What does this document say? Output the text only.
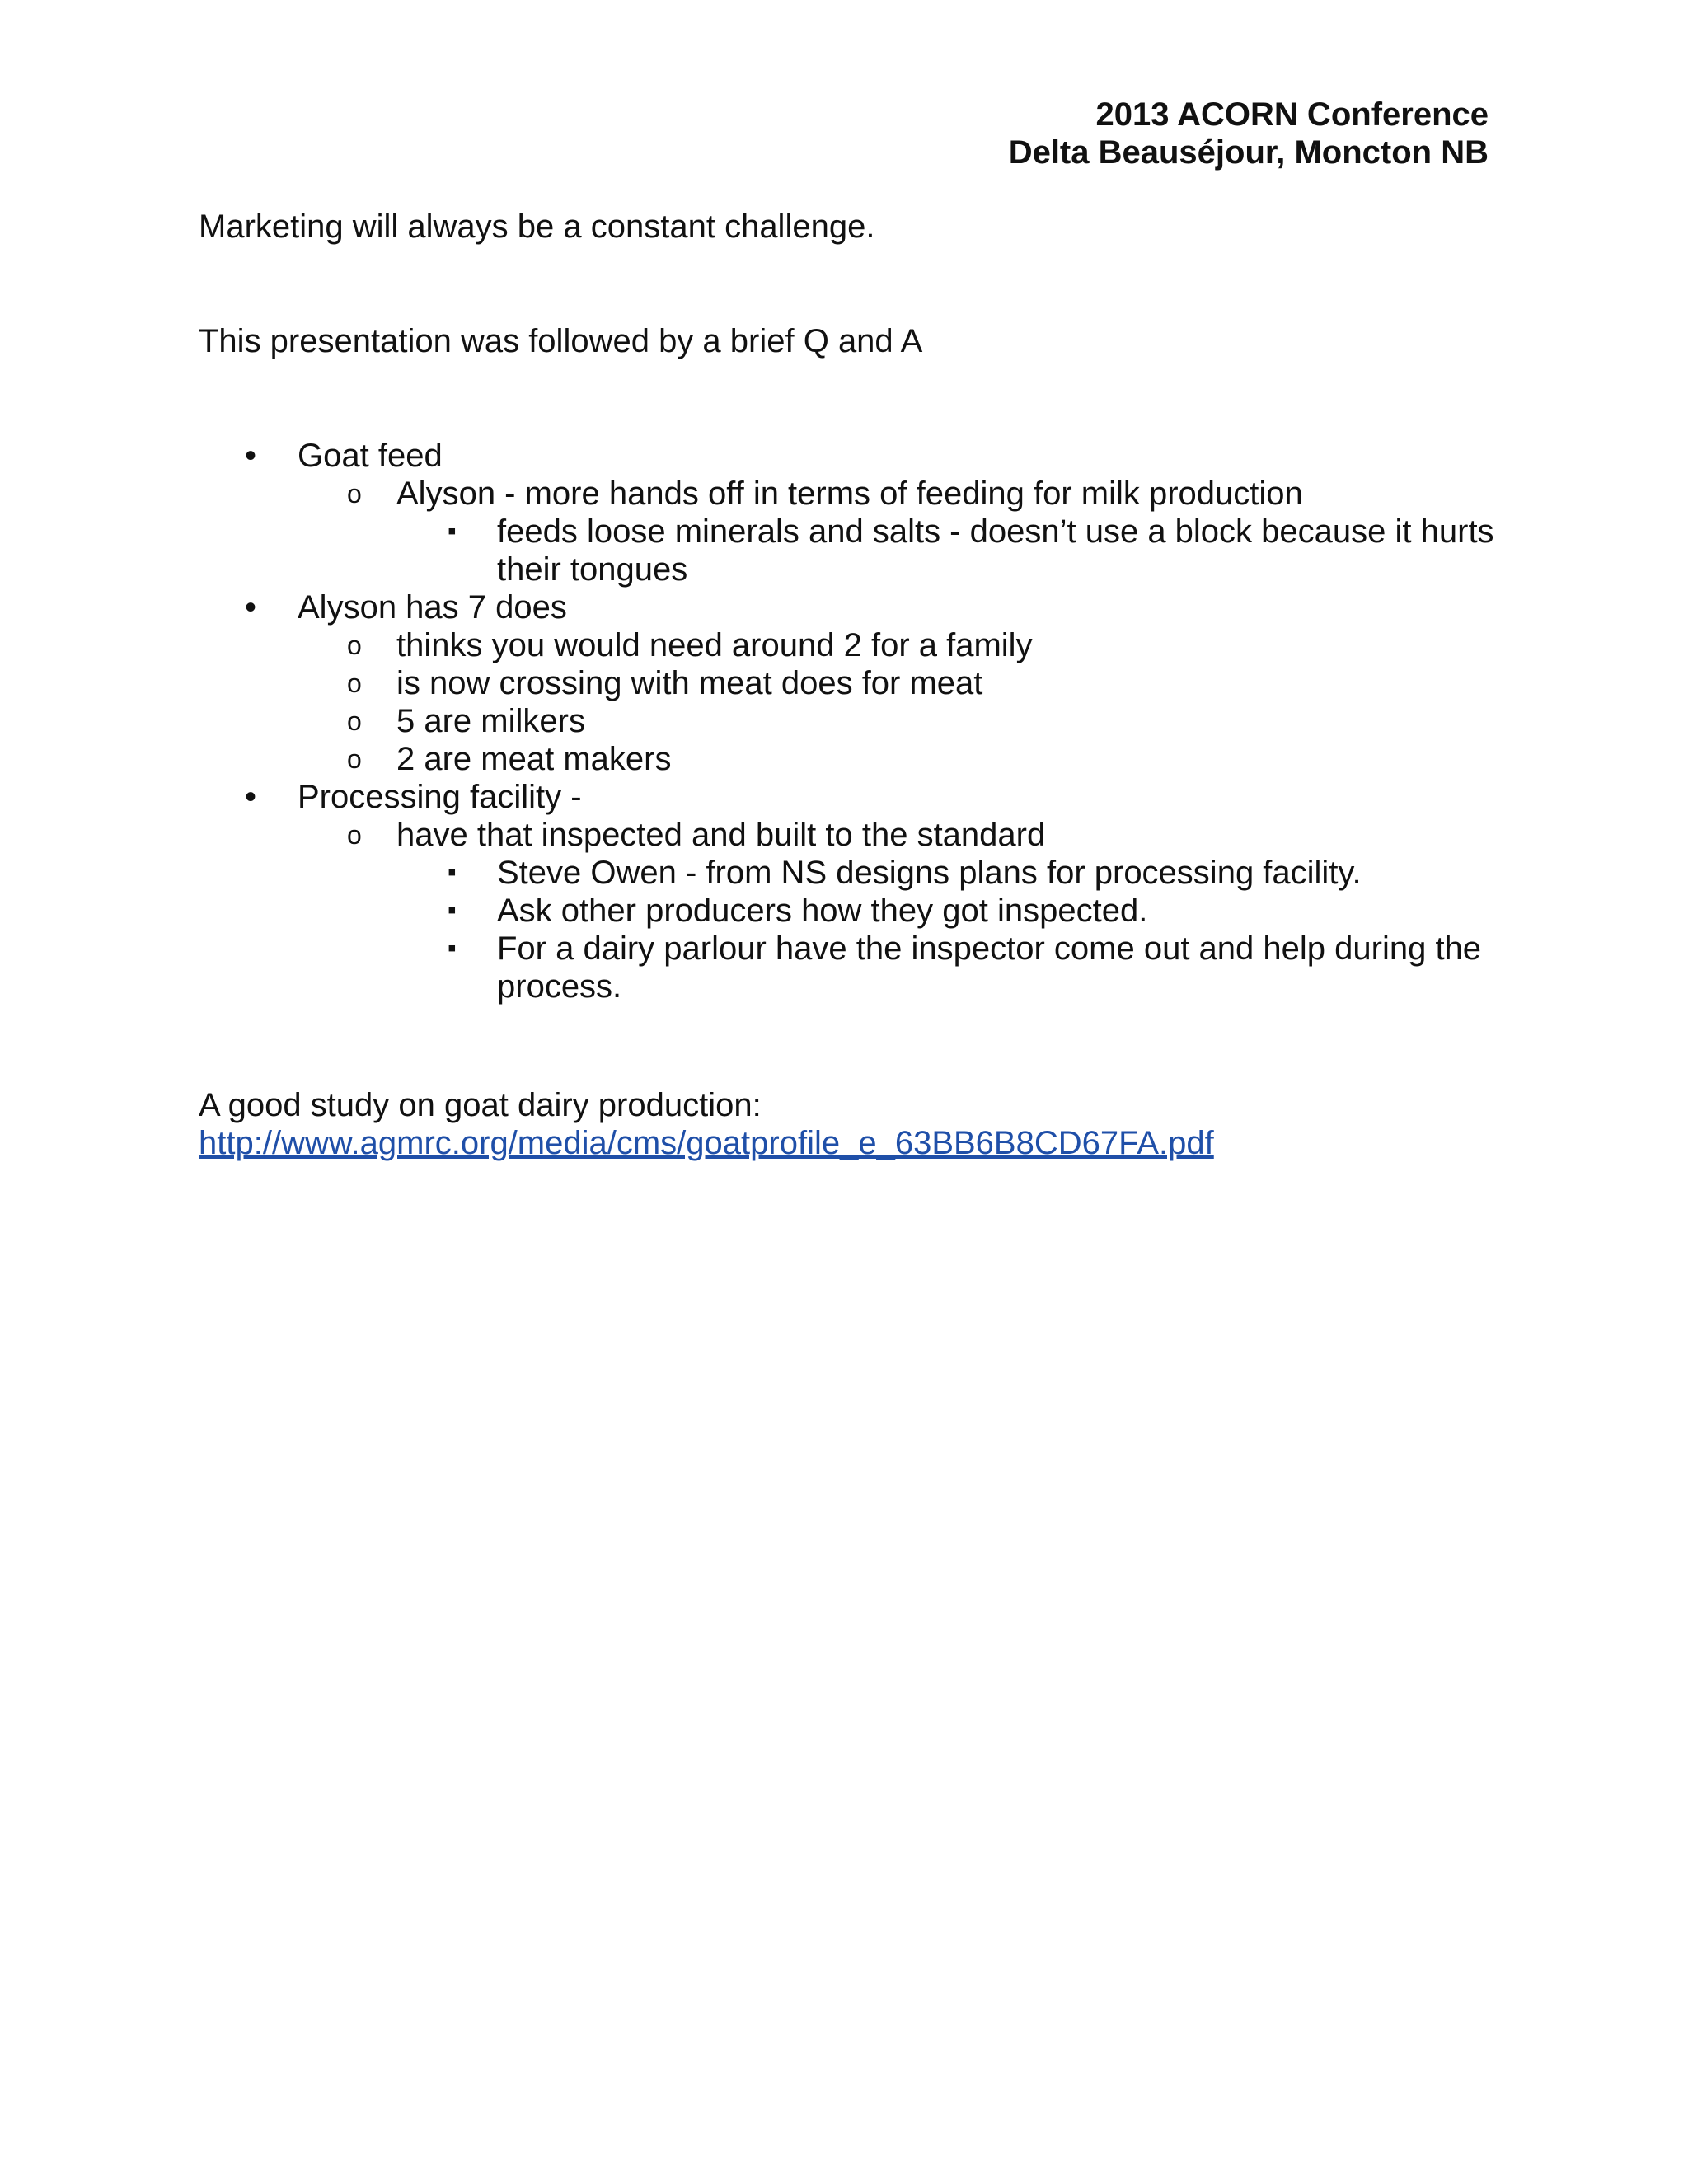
2013 ACORN Conference
Delta Beauséjour, Moncton NB
Marketing will always be a constant challenge.
This presentation was followed by a brief Q and A
• Goat feed
o Alyson - more hands off in terms of feeding for milk production
▪ feeds loose minerals and salts - doesn’t use a block because it hurts their tongues
• Alyson has 7 does
o thinks you would need around 2 for a family
o is now crossing with meat does for meat
o 5 are milkers
o 2 are meat makers
• Processing facility -
o have that inspected and built to the standard
▪ Steve Owen - from NS designs plans for processing facility.
▪ Ask other producers how they got inspected.
▪ For a dairy parlour have the inspector come out and help during the process.
A good study on goat dairy production:
http://www.agmrc.org/media/cms/goatprofile_e_63BB6B8CD67FA.pdf
